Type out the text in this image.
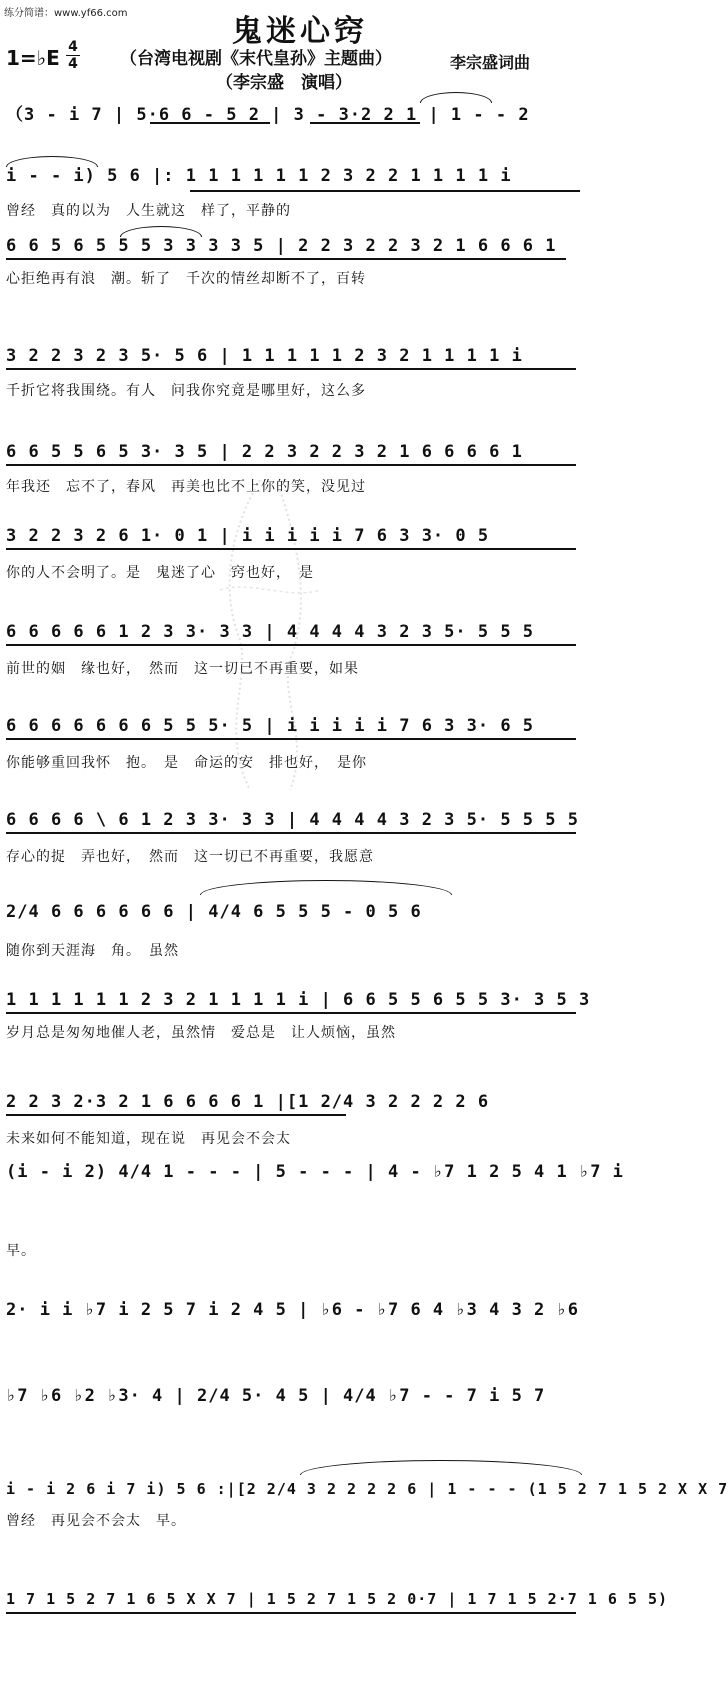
练分简谱：www.yf66.com
鬼迷心窍
1=♭E 4
4 （台湾电视剧《末代皇孙》主题曲）
（李宗盛　演唱）
李宗盛词曲
（3 - i 7 | 5·6 6 - 5 2 | 3 - 3·2 2 1 | 1 - - 2
i - - i) 5 6 |: 1 1 1 1 1 1 2 3 2 2 1 1 1 1 i
曾经　真的以为　人生就这　样了，平静的
6 6 5 6 5 5 5 3 3 3 3 5 | 2 2 3 2 2 3 2 1 6 6 6 1
心拒绝再有浪　潮。斩了　千次的情丝却断不了，百转
3 2 2 3 2 3 5· 5 6 | 1 1 1 1 1 2 3 2 1 1 1 1 i
千折它将我围绕。有人　问我你究竟是哪里好，这么多
6 6 5 5 6 5 3· 3 5 | 2 2 3 2 2 3 2 1 6 6 6 6 1
年我还　忘不了，春风　再美也比不上你的笑，没见过
3 2 2 3 2 6 1· 0 1 | i i i i i 7 6 3 3· 0 5
你的人不会明了。是　鬼迷了心　窍也好，　是
6 6 6 6 6 1 2 3 3· 3 3 | 4 4 4 4 3 2 3 5· 5 5 5
前世的姻　缘也好，　然而　这一切已不再重要，如果
6 6 6 6 6 6 6 5 5 5· 5 | i i i i i 7 6 3 3· 6 5
你能够重回我怀　抱。　是　命运的安　排也好，　是你
6 6 6 6 \ 6 1 2 3 3· 3 3 | 4 4 4 4 3 2 3 5· 5 5 5 5
存心的捉　弄也好，　然而　这一切已不再重要，我愿意
2/4 6 6 6 6 6 6 | 4/4 6 5 5 5 - 0 5 6
随你到天涯海　角。　虽然
1 1 1 1 1 1 2 3 2 1 1 1 1 i | 6 6 5 5 6 5 5 3· 3 5 3
岁月总是匆匆地催人老，虽然情　爱总是　让人烦恼，虽然
2 2 3 2·3 2 1 6 6 6 6 1 |[1 2/4 3 2 2 2 2 6
未来如何不能知道，现在说　再见会不会太
(i - i 2) 4/4 1 - - - | 5 - - - | 4 - ♭7 1 2 5 4 1 ♭7 i
早。
2· i i ♭7 i 2 5 7 i 2 4 5 | ♭6 - ♭7 6 4 ♭3 4 3 2 ♭6
♭7 ♭6 ♭2 ♭3· 4 | 2/4 5· 4 5 | 4/4 ♭7 - - 7 i 5 7
i - i 2 6 i 7 i) 5 6 :|[2 2/4 3 2 2 2 2 6 | 1 - - - (1 5 2 7 1 5 2 X X 7
曾经　再见会不会太　早。
1 7 1 5 2 7 1 6 5 X X 7 | 1 5 2 7 1 5 2 0·7 | 1 7 1 5 2·7 1 6 5 5)
